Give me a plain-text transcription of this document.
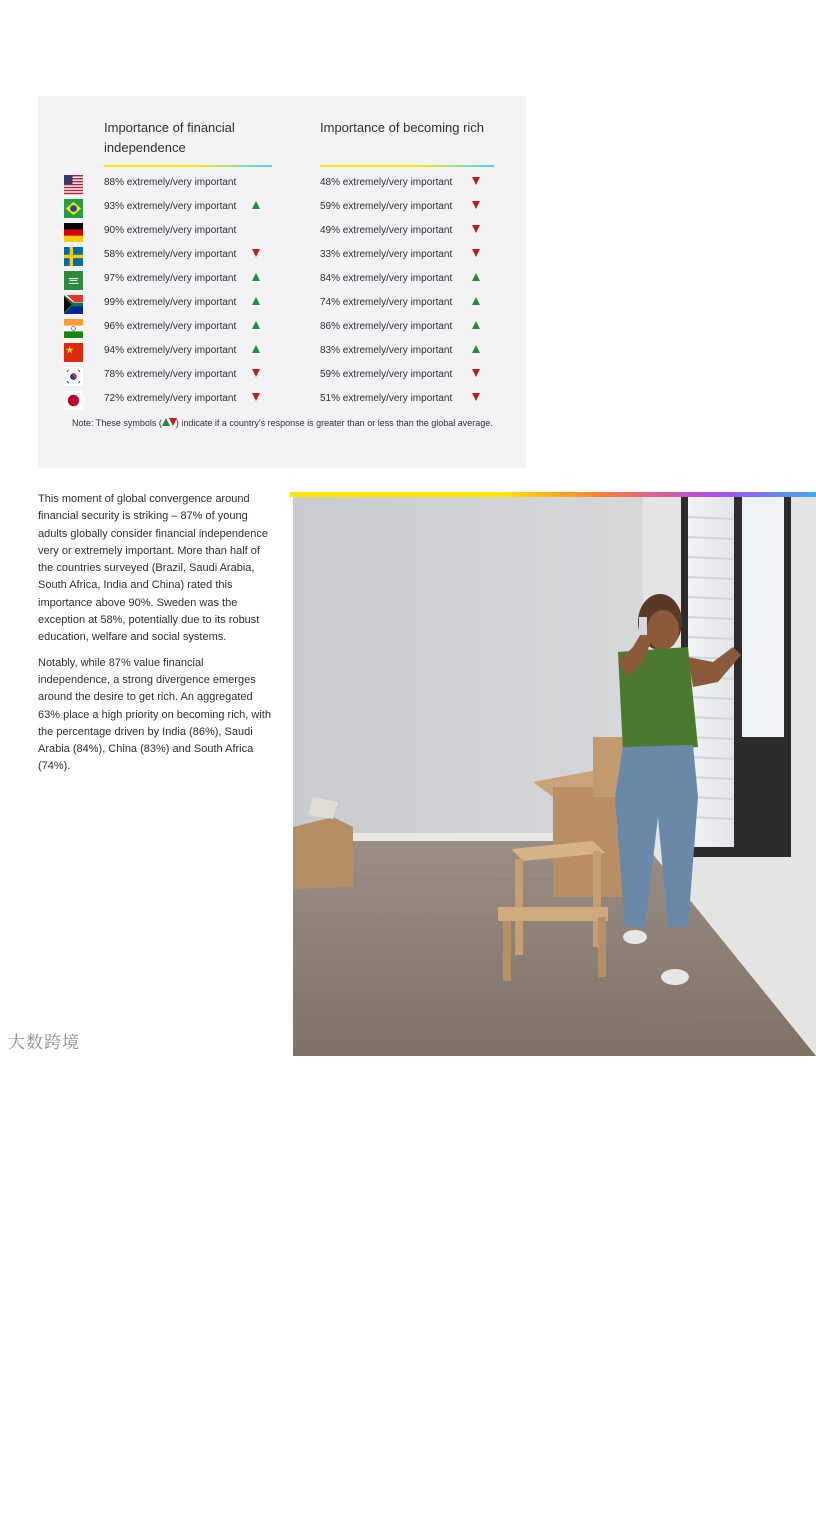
Importance of financial independence
Importance of becoming rich
88% extremely/very important	48% extremely/very important
93% extremely/very important	59% extremely/very important
90% extremely/very important	49% extremely/very important
58% extremely/very important	33% extremely/very important
97% extremely/very important	84% extremely/very important
99% extremely/very important	74% extremely/very important
96% extremely/very important	86% extremely/very important
94% extremely/very important	83% extremely/very important
78% extremely/very important	59% extremely/very important
72% extremely/very important	51% extremely/very important
Note: These symbols ( ) indicate if a country's response is greater than or less than the global average.

This moment of global convergence around financial security is striking – 87% of young adults globally consider financial independence very or extremely important. More than half of the countries surveyed (Brazil, Saudi Arabia, South Africa, India and China) rated this importance above 90%. Sweden was the exception at 58%, potentially due to its robust education, welfare and social systems.

Notably, while 87% value financial independence, a strong divergence emerges around the desire to get rich. An aggregated 63% place a high priority on becoming rich, with the percentage driven by India (86%), Saudi Arabia (84%), China (83%) and South Africa (74%).

The first global generation: adulthood reimagined for a changing world | 27
大数跨境
